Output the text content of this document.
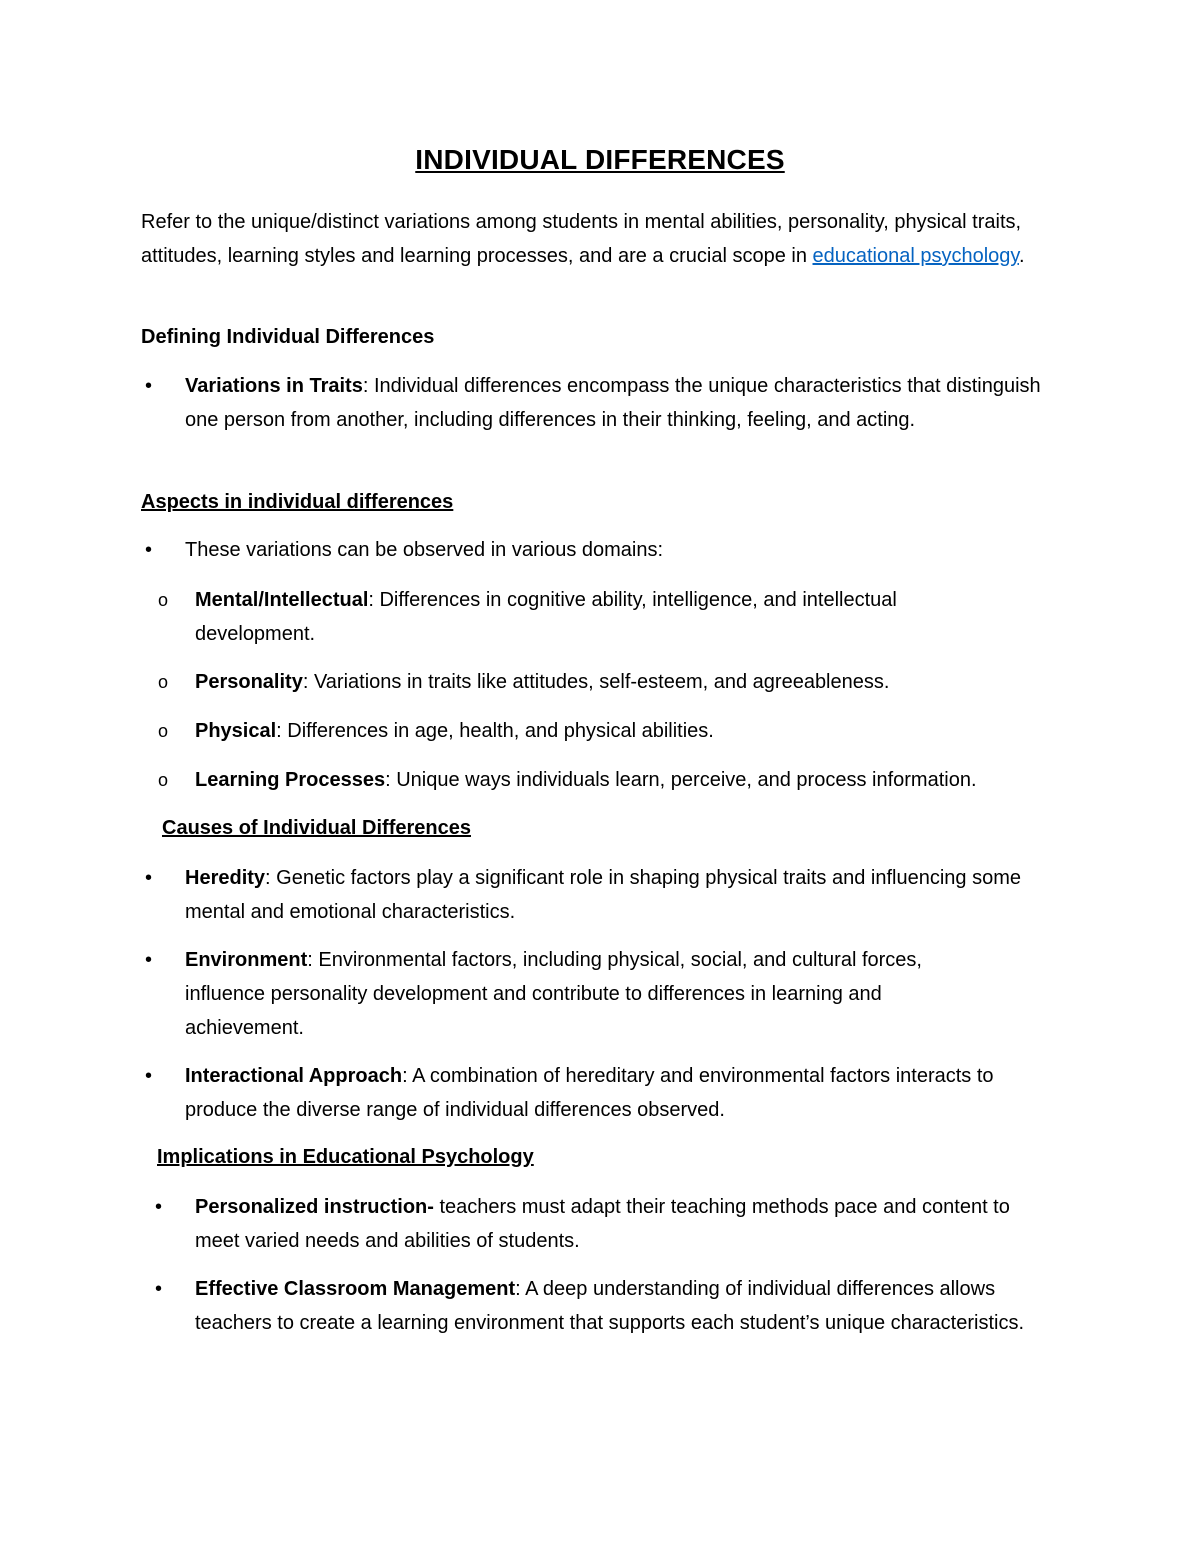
INDIVIDUAL DIFFERENCES
Refer to the unique/distinct variations among students in mental abilities, personality, physical traits, attitudes, learning styles and learning processes, and are a crucial scope in educational psychology.
Defining Individual Differences
• Variations in Traits: Individual differences encompass the unique characteristics that distinguish one person from another, including differences in their thinking, feeling, and acting.
Aspects in individual differences
• These variations can be observed in various domains:
o Mental/Intellectual: Differences in cognitive ability, intelligence, and intellectual development.
o Personality: Variations in traits like attitudes, self-esteem, and agreeableness.
o Physical: Differences in age, health, and physical abilities.
o Learning Processes: Unique ways individuals learn, perceive, and process information.
Causes of Individual Differences
• Heredity: Genetic factors play a significant role in shaping physical traits and influencing some mental and emotional characteristics.
• Environment: Environmental factors, including physical, social, and cultural forces, influence personality development and contribute to differences in learning and achievement.
• Interactional Approach: A combination of hereditary and environmental factors interacts to produce the diverse range of individual differences observed.
Implications in Educational Psychology
• Personalized instruction- teachers must adapt their teaching methods pace and content to meet varied needs and abilities of students.
• Effective Classroom Management: A deep understanding of individual differences allows teachers to create a learning environment that supports each student’s unique characteristics.
